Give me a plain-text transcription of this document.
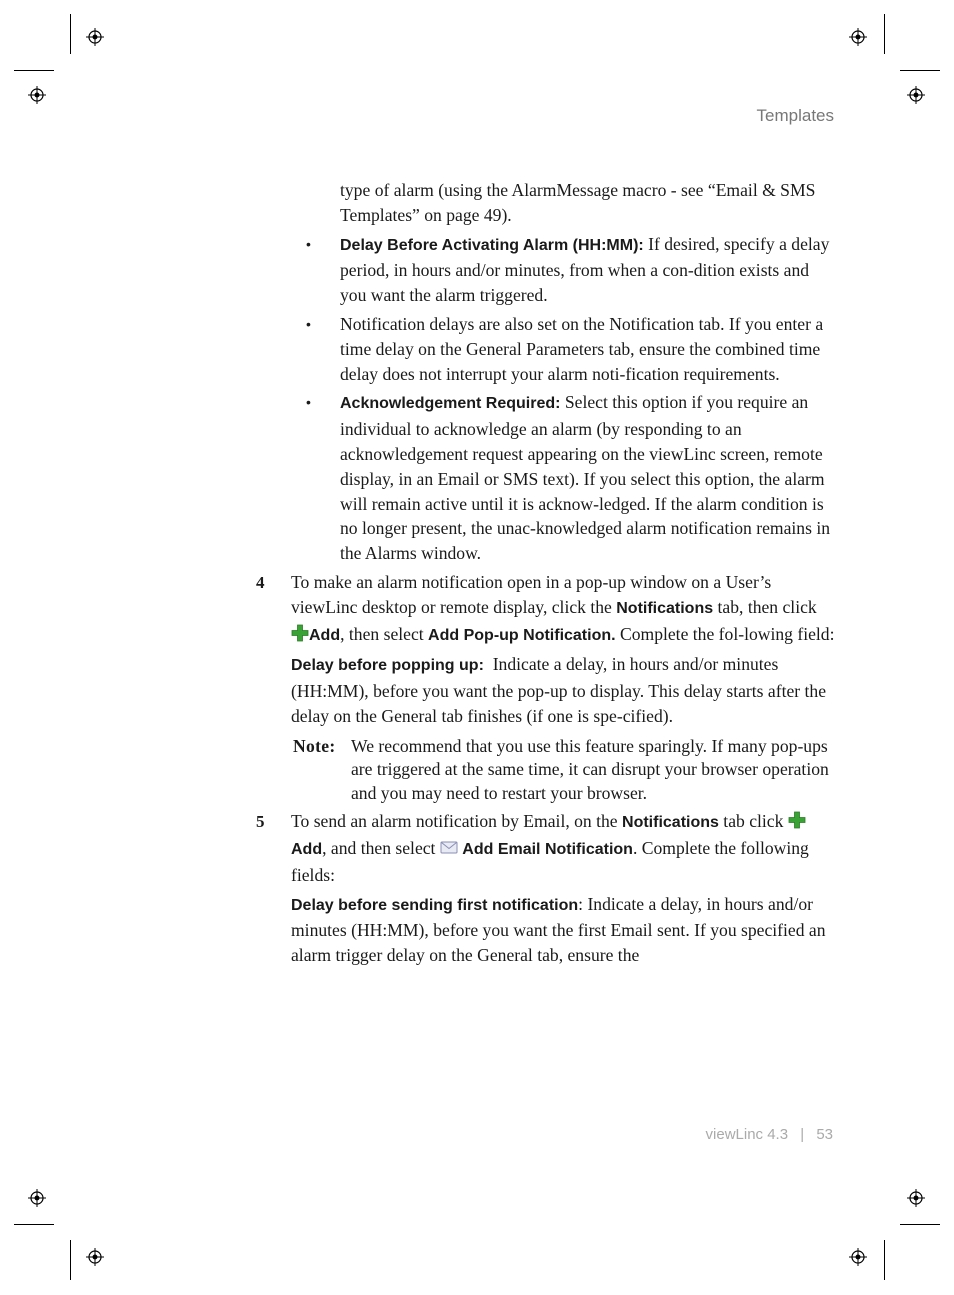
Templates
type of alarm (using the AlarmMessage macro - see “Email & SMS Templates” on page 49).
• Delay Before Activating Alarm (HH:MM): If desired, specify a delay period, in hours and/or minutes, from when a con-dition exists and you want the alarm triggered.
• Notification delays are also set on the Notification tab. If you enter a time delay on the General Parameters tab, ensure the combined time delay does not interrupt your alarm noti-fication requirements.
• Acknowledgement Required: Select this option if you require an individual to acknowledge an alarm (by responding to an acknowledgement request appearing on the viewLinc screen, remote display, in an Email or SMS text). If you select this option, the alarm will remain active until it is acknow-ledged. If the alarm condition is no longer present, the unac-knowledged alarm notification remains in the Alarms window.
4 To make an alarm notification open in a pop-up window on a User’s viewLinc desktop or remote display, click the Notifications tab, then click Add, then select Add Pop-up Notification. Complete the fol-lowing field:
Delay before popping up:  Indicate a delay, in hours and/or minutes (HH:MM), before you want the pop-up to display. This delay starts after the delay on the General tab finishes (if one is spe-cified).
Note: We recommend that you use this feature sparingly. If many pop-ups are triggered at the same time, it can disrupt your browser operation and you may need to restart your browser.
5 To send an alarm notification by Email, on the Notifications tab click Add, and then select  Add Email Notification. Complete the following fields:
Delay before sending first notification: Indicate a delay, in hours and/or minutes (HH:MM), before you want the first Email sent. If you specified an alarm trigger delay on the General tab, ensure the
viewLinc 4.3 | 53
